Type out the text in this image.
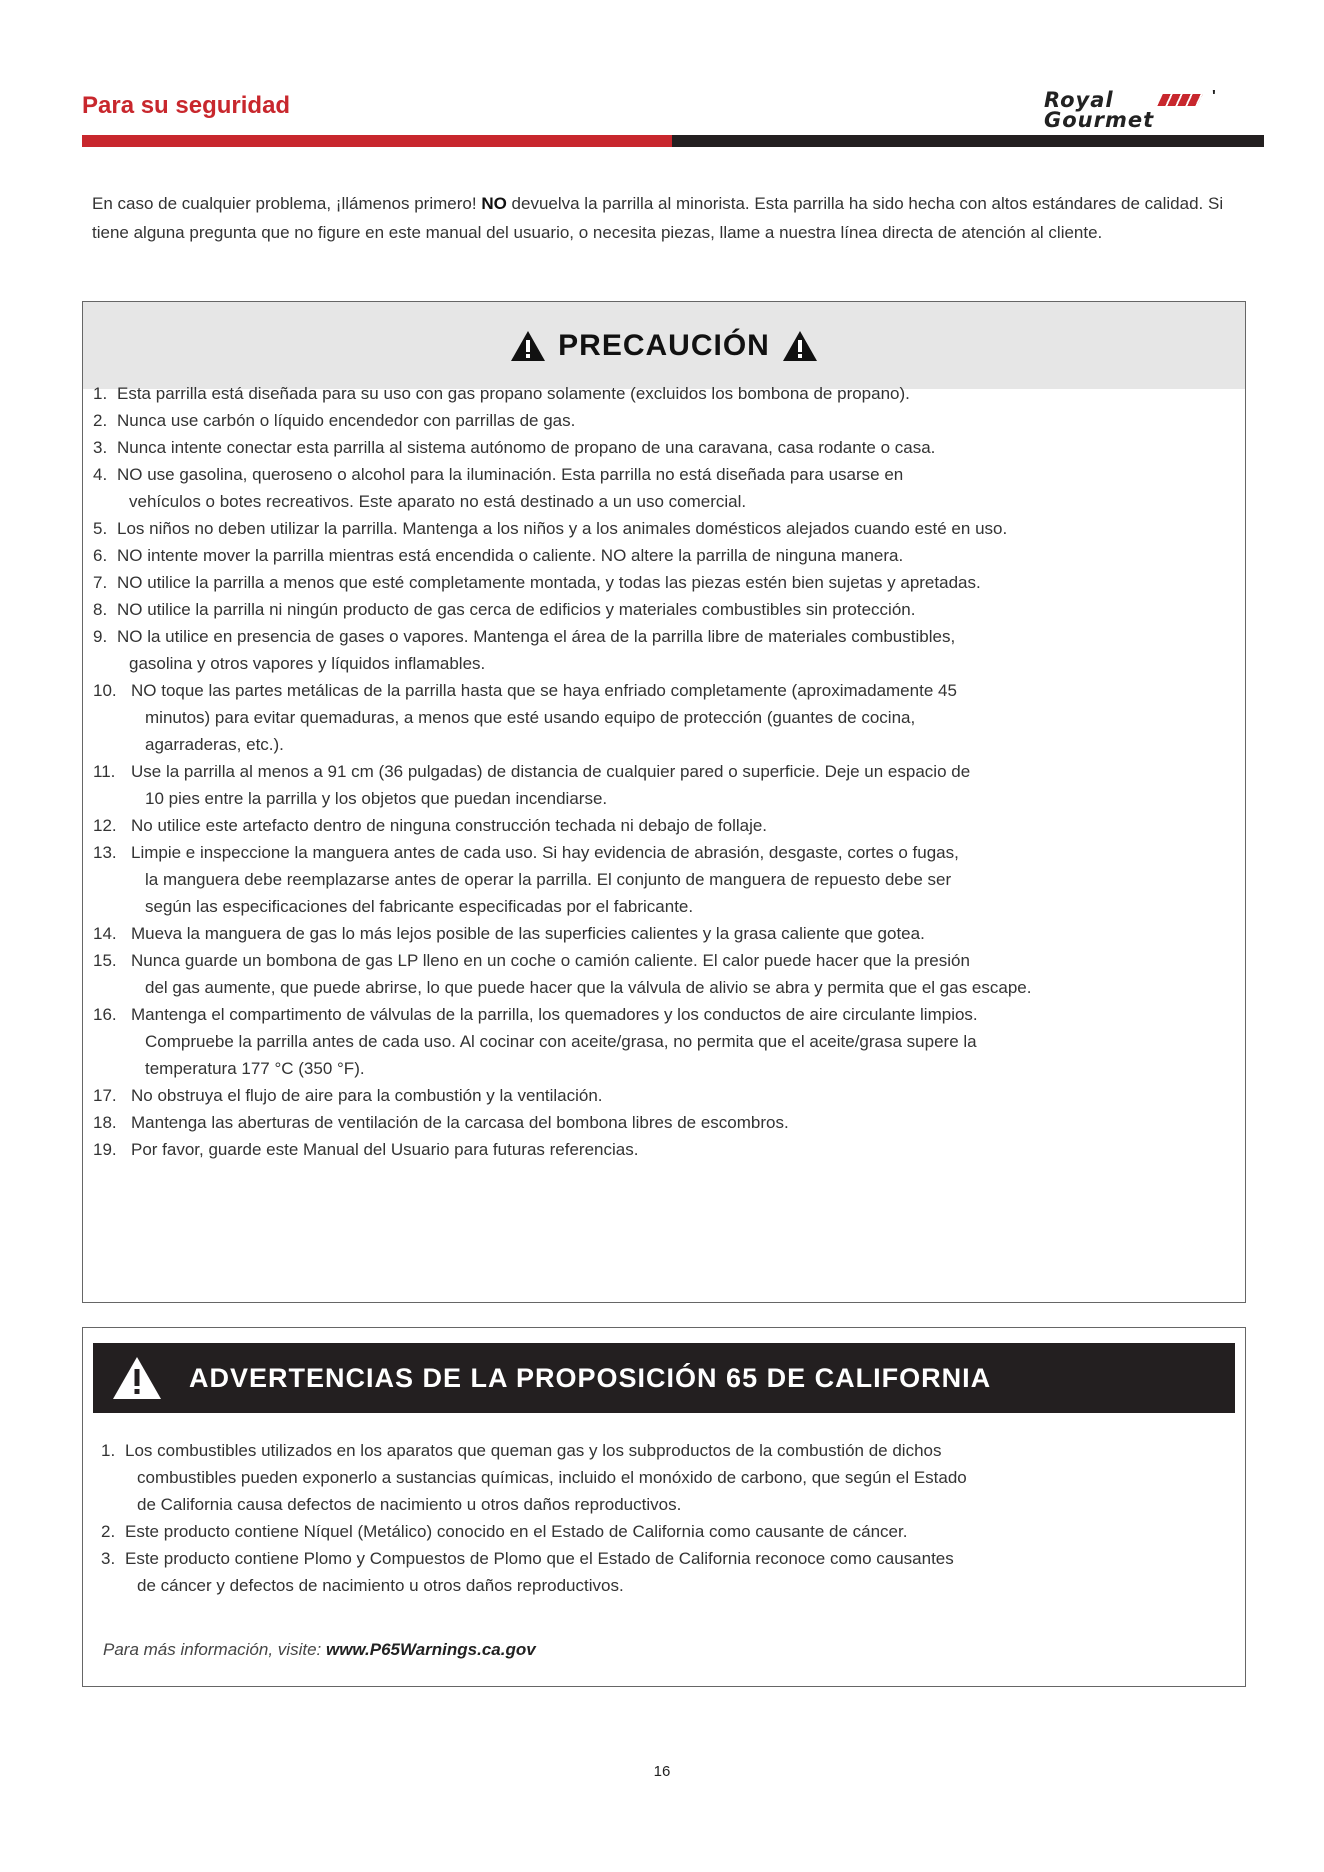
Para su seguridad	Royal	'
Gourmet

En caso de cualquier problema, ¡llámenos primero! NO devuelva la parrilla al minorista. Esta parrilla ha sido hecha con altos estándares de calidad. Si tiene alguna pregunta que no figure en este manual del usuario, o necesita piezas, llame a nuestra línea directa de atención al cliente.

PRECAUCIÓN
1. Esta parrilla está diseñada para su uso con gas propano solamente (excluidos los bombona de propano).
2. Nunca use carbón o líquido encendedor con parrillas de gas.
3. Nunca intente conectar esta parrilla al sistema autónomo de propano de una caravana, casa rodante o casa.
4. NO use gasolina, queroseno o alcohol para la iluminación. Esta parrilla no está diseñada para usarse en
vehículos o botes recreativos. Este aparato no está destinado a un uso comercial.
5. Los niños no deben utilizar la parrilla. Mantenga a los niños y a los animales domésticos alejados cuando esté en uso.
6. NO intente mover la parrilla mientras está encendida o caliente. NO altere la parrilla de ninguna manera.
7. NO utilice la parrilla a menos que esté completamente montada, y todas las piezas estén bien sujetas y apretadas.
8. NO utilice la parrilla ni ningún producto de gas cerca de edificios y materiales combustibles sin protección.
9. NO la utilice en presencia de gases o vapores. Mantenga el área de la parrilla libre de materiales combustibles,
gasolina y otros vapores y líquidos inflamables.
10. NO toque las partes metálicas de la parrilla hasta que se haya enfriado completamente (aproximadamente 45
minutos) para evitar quemaduras, a menos que esté usando equipo de protección (guantes de cocina,
agarraderas, etc.).
11. Use la parrilla al menos a 91 cm (36 pulgadas) de distancia de cualquier pared o superficie. Deje un espacio de
10 pies entre la parrilla y los objetos que puedan incendiarse.
12. No utilice este artefacto dentro de ninguna construcción techada ni debajo de follaje.
13. Limpie e inspeccione la manguera antes de cada uso. Si hay evidencia de abrasión, desgaste, cortes o fugas,
la manguera debe reemplazarse antes de operar la parrilla. El conjunto de manguera de repuesto debe ser
según las especificaciones del fabricante especificadas por el fabricante.
14. Mueva la manguera de gas lo más lejos posible de las superficies calientes y la grasa caliente que gotea.
15. Nunca guarde un bombona de gas LP lleno en un coche o camión caliente. El calor puede hacer que la presión
del gas aumente, que puede abrirse, lo que puede hacer que la válvula de alivio se abra y permita que el gas escape.
16. Mantenga el compartimento de válvulas de la parrilla, los quemadores y los conductos de aire circulante limpios.
Compruebe la parrilla antes de cada uso. Al cocinar con aceite/grasa, no permita que el aceite/grasa supere la
temperatura 177 °C (350 °F).
17. No obstruya el flujo de aire para la combustión y la ventilación.
18. Mantenga las aberturas de ventilación de la carcasa del bombona libres de escombros.
19. Por favor, guarde este Manual del Usuario para futuras referencias.
ADVERTENCIAS DE LA PROPOSICIÓN 65 DE CALIFORNIA
1. Los combustibles utilizados en los aparatos que queman gas y los subproductos de la combustión de dichos
combustibles pueden exponerlo a sustancias químicas, incluido el monóxido de carbono, que según el Estado
de California causa defectos de nacimiento u otros daños reproductivos.
2. Este producto contiene Níquel (Metálico) conocido en el Estado de California como causante de cáncer.
3. Este producto contiene Plomo y Compuestos de Plomo que el Estado de California reconoce como causantes
de cáncer y defectos de nacimiento u otros daños reproductivos.
Para más información, visite: www.P65Warnings.ca.gov
16
